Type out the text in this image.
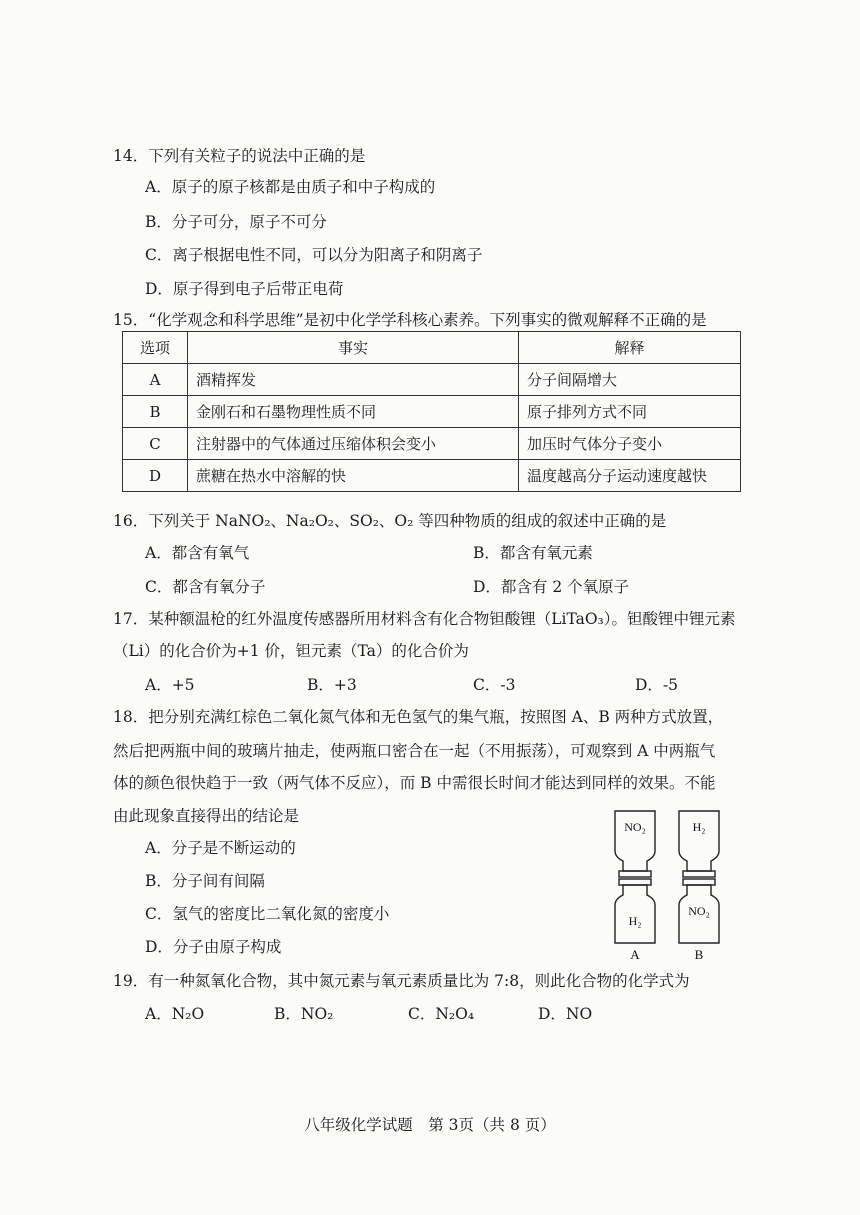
14．下列有关粒子的说法中正确的是
A．原子的原子核都是由质子和中子构成的
B．分子可分，原子不可分
C．离子根据电性不同，可以分为阳离子和阴离子
D．原子得到电子后带正电荷
15．“化学观念和科学思维”是初中化学学科核心素养。下列事实的微观解释不正确的是
选项	事实	解释
A	酒精挥发	分子间隔增大
B	金刚石和石墨物理性质不同	原子排列方式不同
C	注射器中的气体通过压缩体积会变小	加压时气体分子变小
D	蔗糖在热水中溶解的快	温度越高分子运动速度越快
16．下列关于 NaNO₂、Na₂O₂、SO₂、O₂ 等四种物质的组成的叙述中正确的是
A．都含有氧气	B．都含有氧元素
C．都含有氧分子	D．都含有 2 个氧原子
17．某种额温枪的红外温度传感器所用材料含有化合物钽酸锂（LiTaO₃）。钽酸锂中锂元素
（Li）的化合价为+1 价，钽元素（Ta）的化合价为
A．+5	B．+3	C．-3	D．-5
18．把分别充满红棕色二氧化氮气体和无色氢气的集气瓶，按照图 A、B 两种方式放置，
然后把两瓶中间的玻璃片抽走，使两瓶口密合在一起（不用振荡），可观察到 A 中两瓶气
体的颜色很快趋于一致（两气体不反应），而 B 中需很长时间才能达到同样的效果。不能
由此现象直接得出的结论是
A．分子是不断运动的
B．分子间有间隔
C．氢气的密度比二氧化氮的密度小
D．分子由原子构成
NO₂
H₂
H₂
NO₂
A	B
19．有一种氮氧化合物，其中氮元素与氧元素质量比为 7:8，则此化合物的化学式为
A．N₂O	B．NO₂	C．N₂O₄	D．NO
八年级化学试题　第 3页（共 8 页）
